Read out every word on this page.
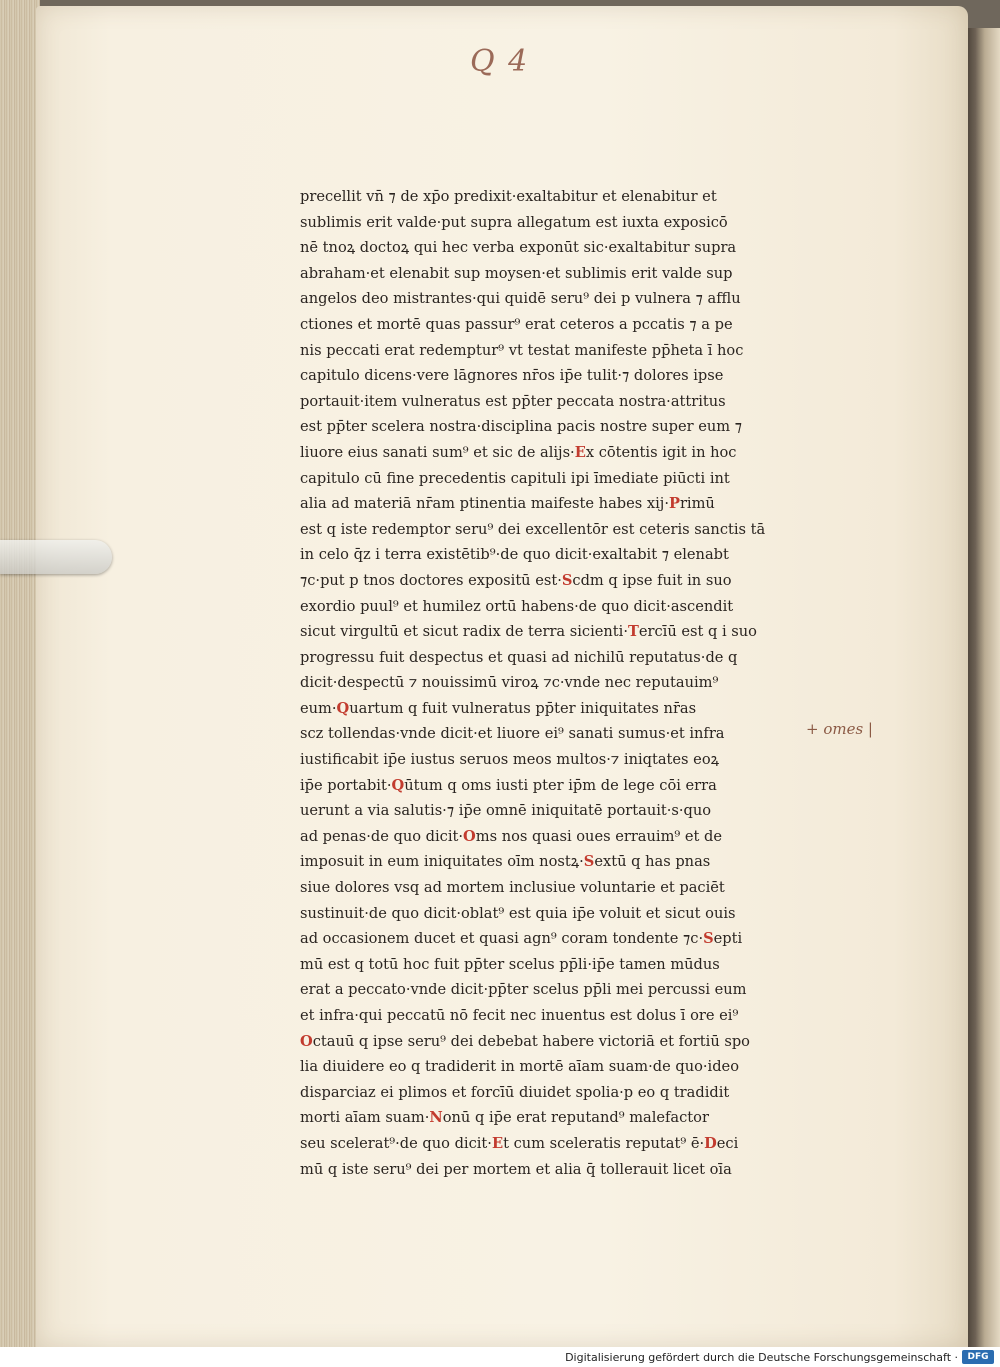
Q 4
precellit vn̄ ⁊ de xp̄o predixit·exaltabitur et elenabitur et
sublimis erit valde·put supra allegatum est iuxta exposicō
nē tnoꝝ doctoꝝ qui hec verba exponūt sic·exaltabitur supra
abraham·et elenabit sup moysen·et sublimis erit valde sup
angelos deo mistrantes·qui quidē seru⁹ dei p vulnera ⁊ afflu
ctiones et mortē quas passur⁹ erat ceteros a pccatis ⁊ a pe
nis peccati erat redemptur⁹ vt testat manifeste pp̄heta ī hoc
capitulo dicens·vere lāgnores nr̄os ip̄e tulit·⁊ dolores ipse
portauit·item vulneratus est pp̄ter peccata nostra·attritus
est pp̄ter scelera nostra·disciplina pacis nostre super eum ⁊
liuore eius sanati sum⁹ et sic de alijs·Ex cōtentis igit in hoc
capitulo cū fine precedentis capituli ipi īmediate piūcti int
alia ad materiā nr̄am ptinentia maifeste habes xij·Primū
est q iste redemptor seru⁹ dei excellentōr est ceteris sanctis tā
in celo q̄z i terra existētib⁹·de quo dicit·exaltabit ⁊ elenabt
⁊c·put p tnos doctores expositū est·Scdm q ipse fuit in suo
exordio puul⁹ et humilez ortū habens·de quo dicit·ascendit
sicut virgultū et sicut radix de terra sicienti·Tercīū est q i suo
progressu fuit despectus et quasi ad nichilū reputatus·de q
dicit·despectū ⁊ nouissimū viroꝝ ⁊c·vnde nec reputauim⁹
eum·Quartum q fuit vulneratus pp̄ter iniquitates nr̄as
scz tollendas·vnde dicit·et liuore ei⁹ sanati sumus·et infra
iustificabit ip̄e iustus seruos meos multos·⁊ iniqtates eoꝝ
ip̄e portabit·Qūtum q oms iusti pter ip̄m de lege cōi erra
uerunt a via salutis·⁊ ip̄e omnē iniquitatē portauit·s·quo
ad penas·de quo dicit·Oms nos quasi oues errauim⁹ et de
imposuit in eum iniquitates oīm nostꝝ·Sextū q has pnas
siue dolores vsq ad mortem inclusiue voluntarie et paciēt
sustinuit·de quo dicit·oblat⁹ est quia ip̄e voluit et sicut ouis
ad occasionem ducet et quasi agn⁹ coram tondente ⁊c·Septi
mū est q totū hoc fuit pp̄ter scelus pp̄li·ip̄e tamen mūdus
erat a peccato·vnde dicit·pp̄ter scelus pp̄li mei percussi eum
et infra·qui peccatū nō fecit nec inuentus est dolus ī ore ei⁹
Octauū q ipse seru⁹ dei debebat habere victoriā et fortiū spo
lia diuidere eo q tradiderit in mortē aīam suam·de quo·ideo
disparciaz ei plimos et forcīū diuidet spolia·p eo q tradidit
morti aīam suam·Nonū q ip̄e erat reputand⁹ malefactor
seu scelerat⁹·de quo dicit·Et cum sceleratis reputat⁹ ē·Deci
mū q iste seru⁹ dei per mortem et alia q̄ tollerauit licet oīa
+ omes |
Digitalisierung gefördert durch die Deutsche Forschungsgemeinschaft ·	DFG
